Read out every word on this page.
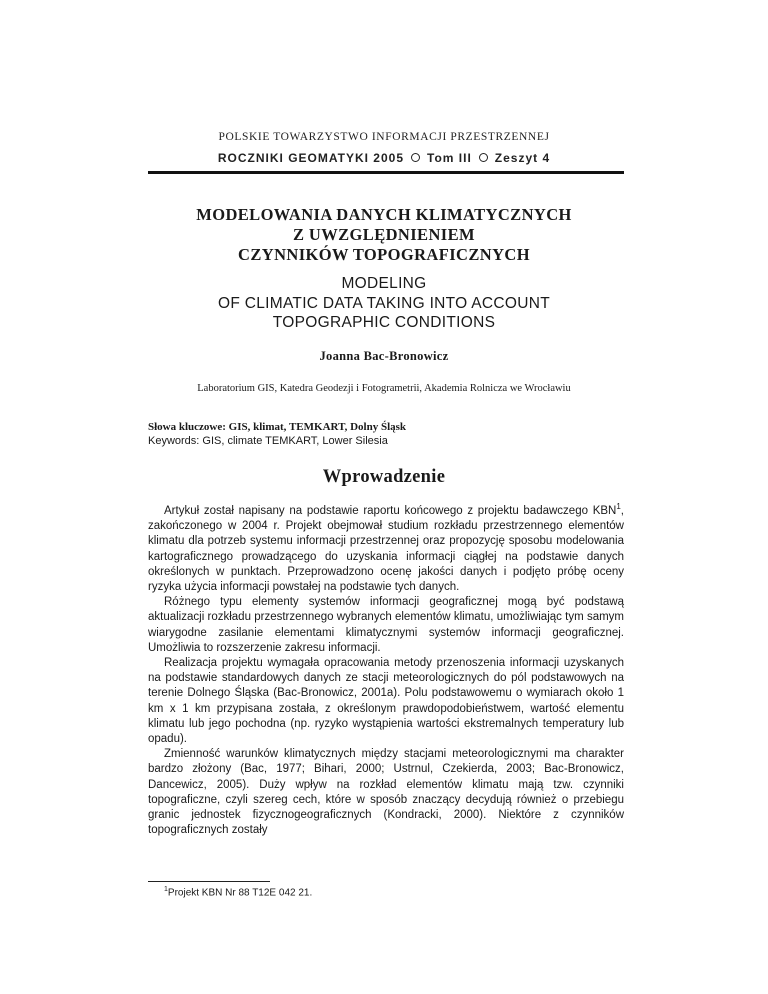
POLSKIE TOWARZYSTWO INFORMACJI PRZESTRZENNEJ
ROCZNIKI GEOMATYKI 2005 Tom III Zeszyt 4
MODELOWANIA DANYCH KLIMATYCZNYCH
Z UWZGLĘDNIENIEM
CZYNNIKÓW TOPOGRAFICZNYCH
MODELING
OF CLIMATIC DATA TAKING INTO ACCOUNT
TOPOGRAPHIC CONDITIONS
Joanna Bac-Bronowicz
Laboratorium GIS, Katedra Geodezji i Fotogrametrii, Akademia Rolnicza we Wrocławiu
Słowa kluczowe: GIS, klimat, TEMKART, Dolny Śląsk
Keywords: GIS, climate TEMKART, Lower Silesia
Wprowadzenie

Artykuł został napisany na podstawie raportu końcowego z projektu badawczego KBN$^1$, zakończonego w 2004 r. Projekt obejmował studium rozkładu przestrzennego elementów klimatu dla potrzeb systemu informacji przestrzennej oraz propozycję sposobu modelowania kartograficznego prowadzącego do uzyskania informacji ciągłej na podstawie danych określonych w punktach. Przeprowadzono ocenę jakości danych i podjęto próbę oceny ryzyka użycia informacji powstałej na podstawie tych danych.

Różnego typu elementy systemów informacji geograficznej mogą być podstawą aktualizacji rozkładu przestrzennego wybranych elementów klimatu, umożliwiając tym samym wiarygodne zasilanie elementami klimatycznymi systemów informacji geograficznej. Umożliwia to rozszerzenie zakresu informacji.

Realizacja projektu wymagała opracowania metody przenoszenia informacji uzyskanych na podstawie standardowych danych ze stacji meteorologicznych do pól podstawowych na terenie Dolnego Śląska (Bac-Bronowicz, 2001a). Polu podstawowemu o wymiarach około 1 km x 1 km przypisana została, z określonym prawdopodobieństwem, wartość elementu klimatu lub jego pochodna (np. ryzyko wystąpienia wartości ekstremalnych temperatury lub opadu).

Zmienność warunków klimatycznych między stacjami meteorologicznymi ma charakter bardzo złożony (Bac, 1977; Bihari, 2000; Ustrnul, Czekierda, 2003; Bac-Bronowicz, Dancewicz, 2005). Duży wpływ na rozkład elementów klimatu mają tzw. czynniki topograficzne, czyli szereg cech, które w sposób znaczący decydują również o przebiegu granic jednostek fizycznogeograficznych (Kondracki, 2000). Niektóre z czynników topograficznych zostały

$^1$Projekt KBN Nr 88 T12E 042 21.
